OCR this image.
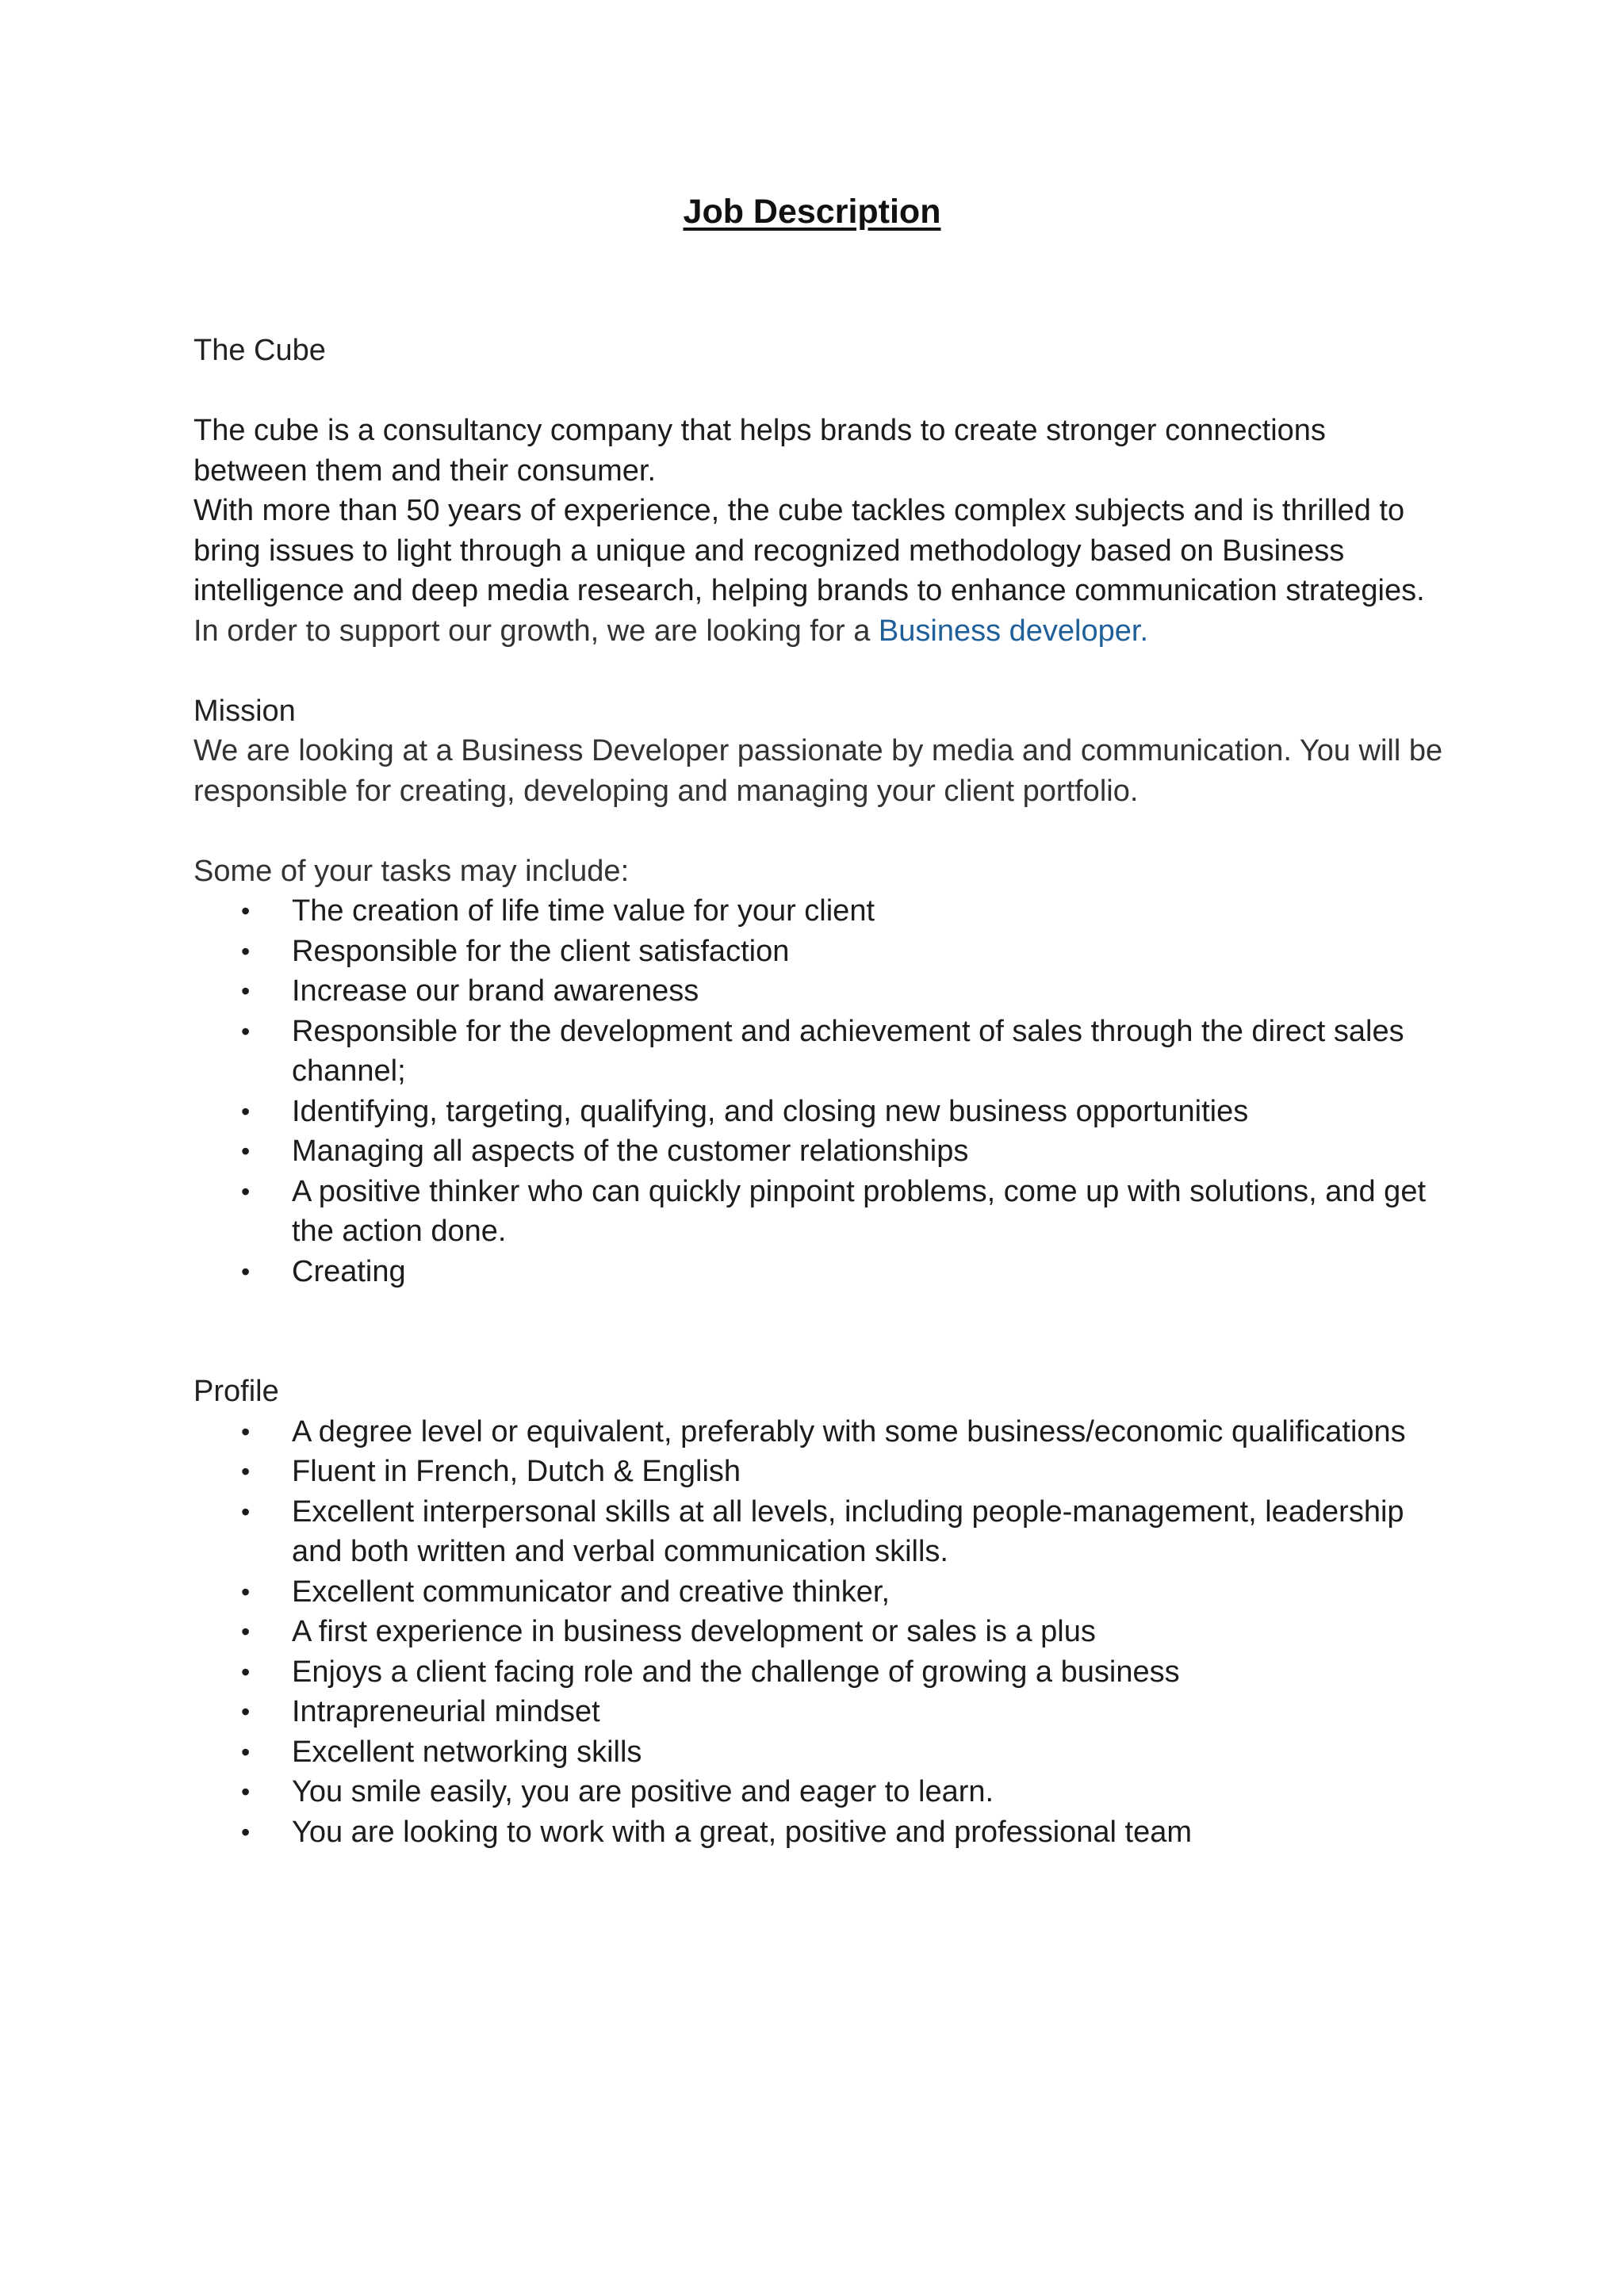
Job Description

The Cube

The cube is a consultancy company that helps brands to create stronger connections between them and their consumer.

With more than 50 years of experience, the cube tackles complex subjects and is thrilled to bring issues to light through a unique and recognized methodology based on Business intelligence and deep media research, helping brands to enhance communication strategies.

In order to support our growth, we are looking for a Business developer.

Mission

We are looking at a Business Developer passionate by media and communication. You will be responsible for creating, developing and managing your client portfolio.

Some of your tasks may include:

• The creation of life time value for your client
• Responsible for the client satisfaction
• Increase our brand awareness
• Responsible for the development and achievement of sales through the direct sales channel;
• Identifying, targeting, qualifying, and closing new business opportunities
• Managing all aspects of the customer relationships
• A positive thinker who can quickly pinpoint problems, come up with solutions, and get the action done.
• Creating

Profile

• A degree level or equivalent, preferably with some business/economic qualifications
• Fluent in French, Dutch & English
• Excellent interpersonal skills at all levels, including people-management, leadership and both written and verbal communication skills.
• Excellent communicator and creative thinker,
• A first experience in business development or sales is a plus
• Enjoys a client facing role and the challenge of growing a business
• Intrapreneurial mindset
• Excellent networking skills
• You smile easily, you are positive and eager to learn.
• You are looking to work with a great, positive and professional team
